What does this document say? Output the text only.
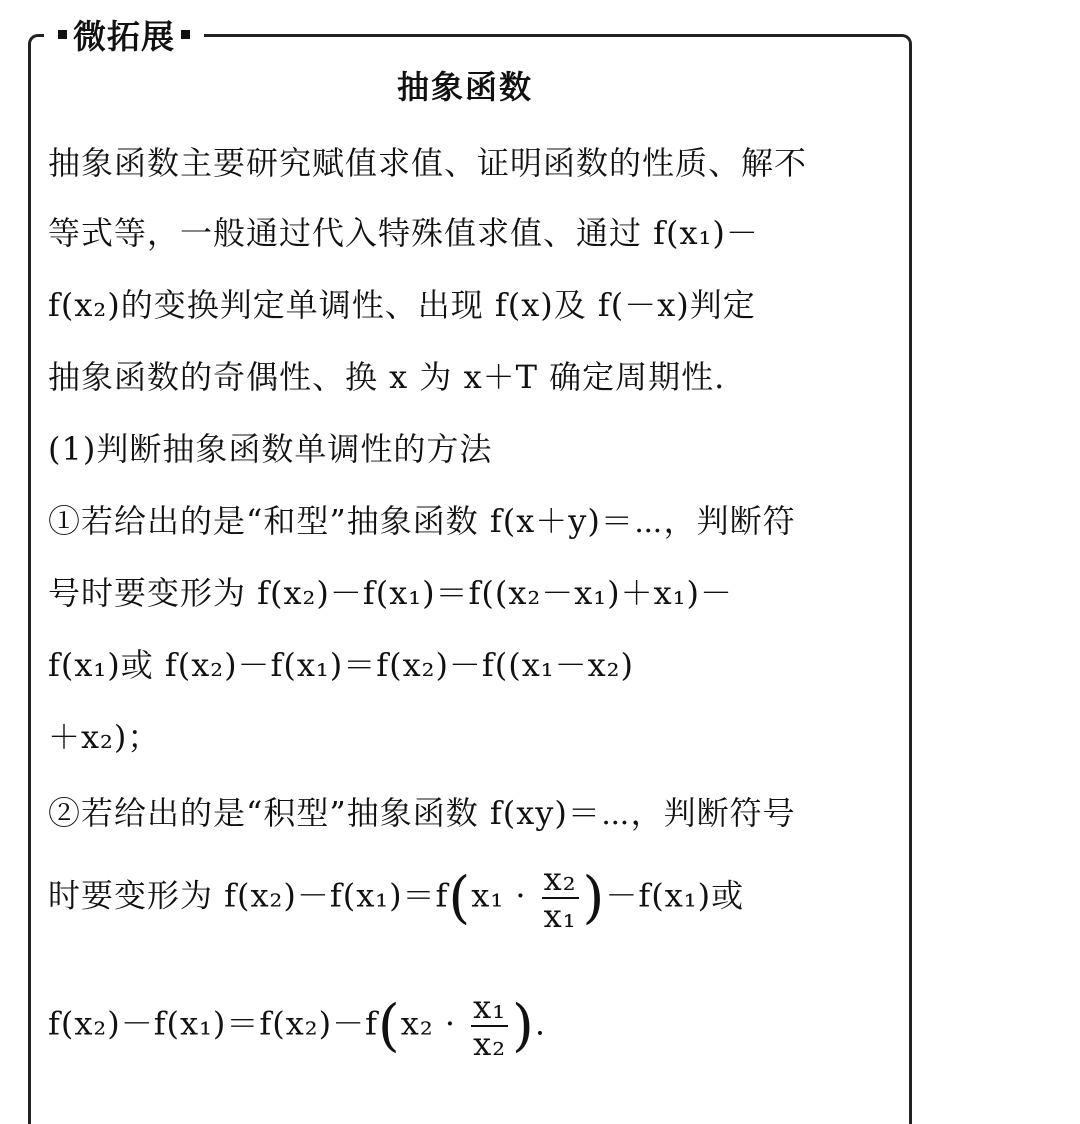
微拓展
抽象函数
抽象函数主要研究赋值求值、证明函数的性质、解不
等式等，一般通过代入特殊值求值、通过 f(x₁)－
f(x₂)的变换判定单调性、出现 f(x)及 f(－x)判定
抽象函数的奇偶性、换 x 为 x＋T 确定周期性.
(1)判断抽象函数单调性的方法
①若给出的是“和型”抽象函数 f(x＋y)＝⋯，判断符
号时要变形为 f(x₂)－f(x₁)＝f((x₂－x₁)＋x₁)－
f(x₁)或 f(x₂)－f(x₁)＝f(x₂)－f((x₁－x₂)
＋x₂)；
②若给出的是“积型”抽象函数 f(xy)＝⋯，判断符号
时要变形为 $f(x_2)-f(x_1)=f(x_1 \cdot \frac{\text{x₂}}{\text{x₁}} )-f(x_1)$或
$f(x_2)-f(x_1)=f(x_2)-f(x_2 \cdot \frac{\text{x₁}}{\text{x₂}}$ ).
